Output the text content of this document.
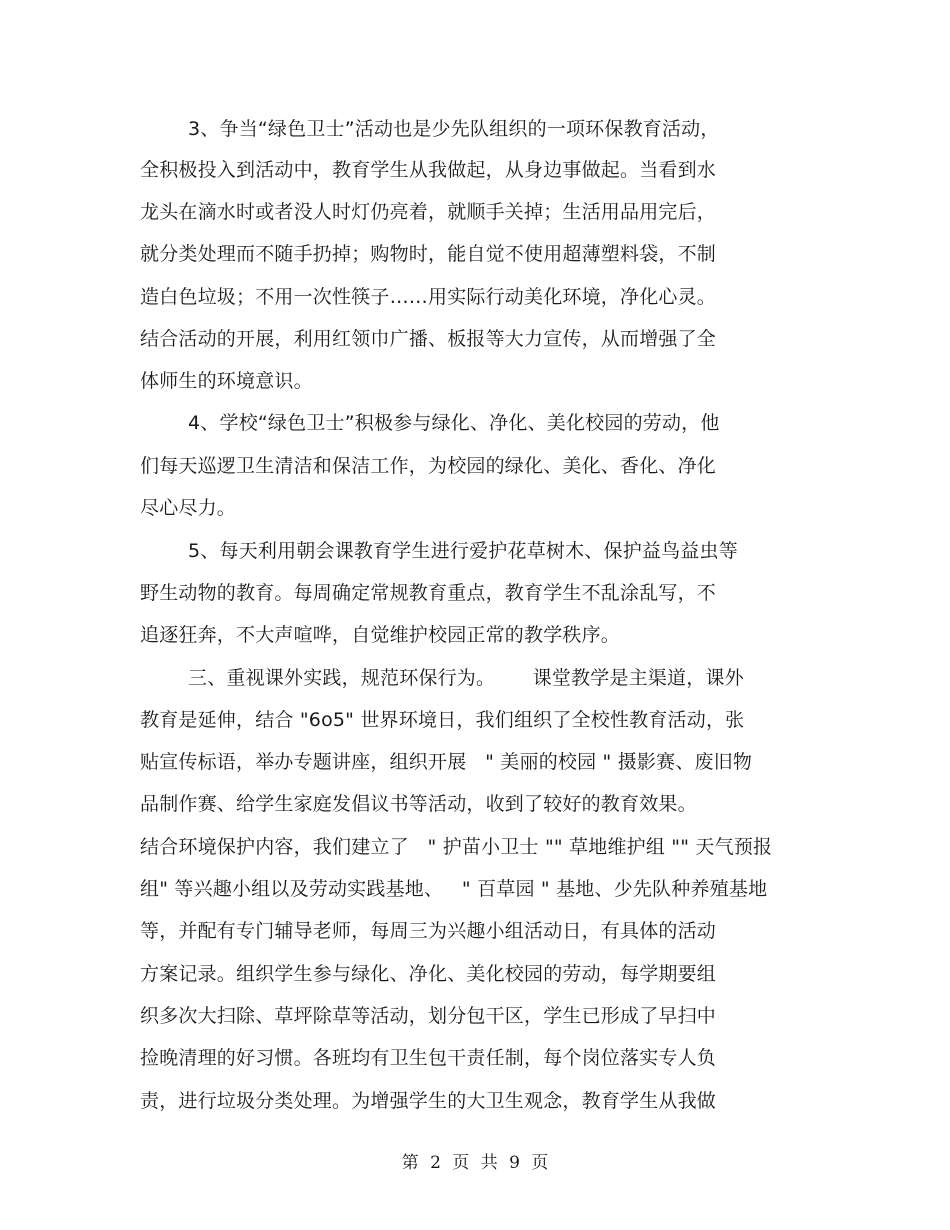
3、争当“绿色卫士”活动也是少先队组织的一项环保教育活动，
全积极投入到活动中，教育学生从我做起，从身边事做起。当看到水
龙头在滴水时或者没人时灯仍亮着，就顺手关掉；生活用品用完后，
就分类处理而不随手扔掉；购物时，能自觉不使用超薄塑料袋，不制
造白色垃圾；不用一次性筷子……用实际行动美化环境，净化心灵。
结合活动的开展，利用红领巾广播、板报等大力宣传，从而增强了全
体师生的环境意识。
4、学校“绿色卫士”积极参与绿化、净化、美化校园的劳动，他
们每天巡逻卫生清洁和保洁工作，为校园的绿化、美化、香化、净化
尽心尽力。
5、每天利用朝会课教育学生进行爱护花草树木、保护益鸟益虫等
野生动物的教育。每周确定常规教育重点，教育学生不乱涂乱写，不
追逐狂奔，不大声喧哗，自觉维护校园正常的教学秩序。
三、重视课外实践，规范环保行为。      课堂教学是主渠道，课外
教育是延伸，结合 "6o5" 世界环境日，我们组织了全校性教育活动，张
贴宣传标语，举办专题讲座，组织开展   " 美丽的校园 " 摄影赛、废旧物
品制作赛、给学生家庭发倡议书等活动，收到了较好的教育效果。
结合环境保护内容，我们建立了   " 护苗小卫士 "" 草地维护组 "" 天气预报
组" 等兴趣小组以及劳动实践基地、   " 百草园 " 基地、少先队种养殖基地
等，并配有专门辅导老师，每周三为兴趣小组活动日，有具体的活动
方案记录。组织学生参与绿化、净化、美化校园的劳动，每学期要组
织多次大扫除、草坪除草等活动，划分包干区，学生已形成了早扫中
捡晚清理的好习惯。各班均有卫生包干责任制，每个岗位落实专人负
责，进行垃圾分类处理。为增强学生的大卫生观念，教育学生从我做
第 2 页 共 9 页
